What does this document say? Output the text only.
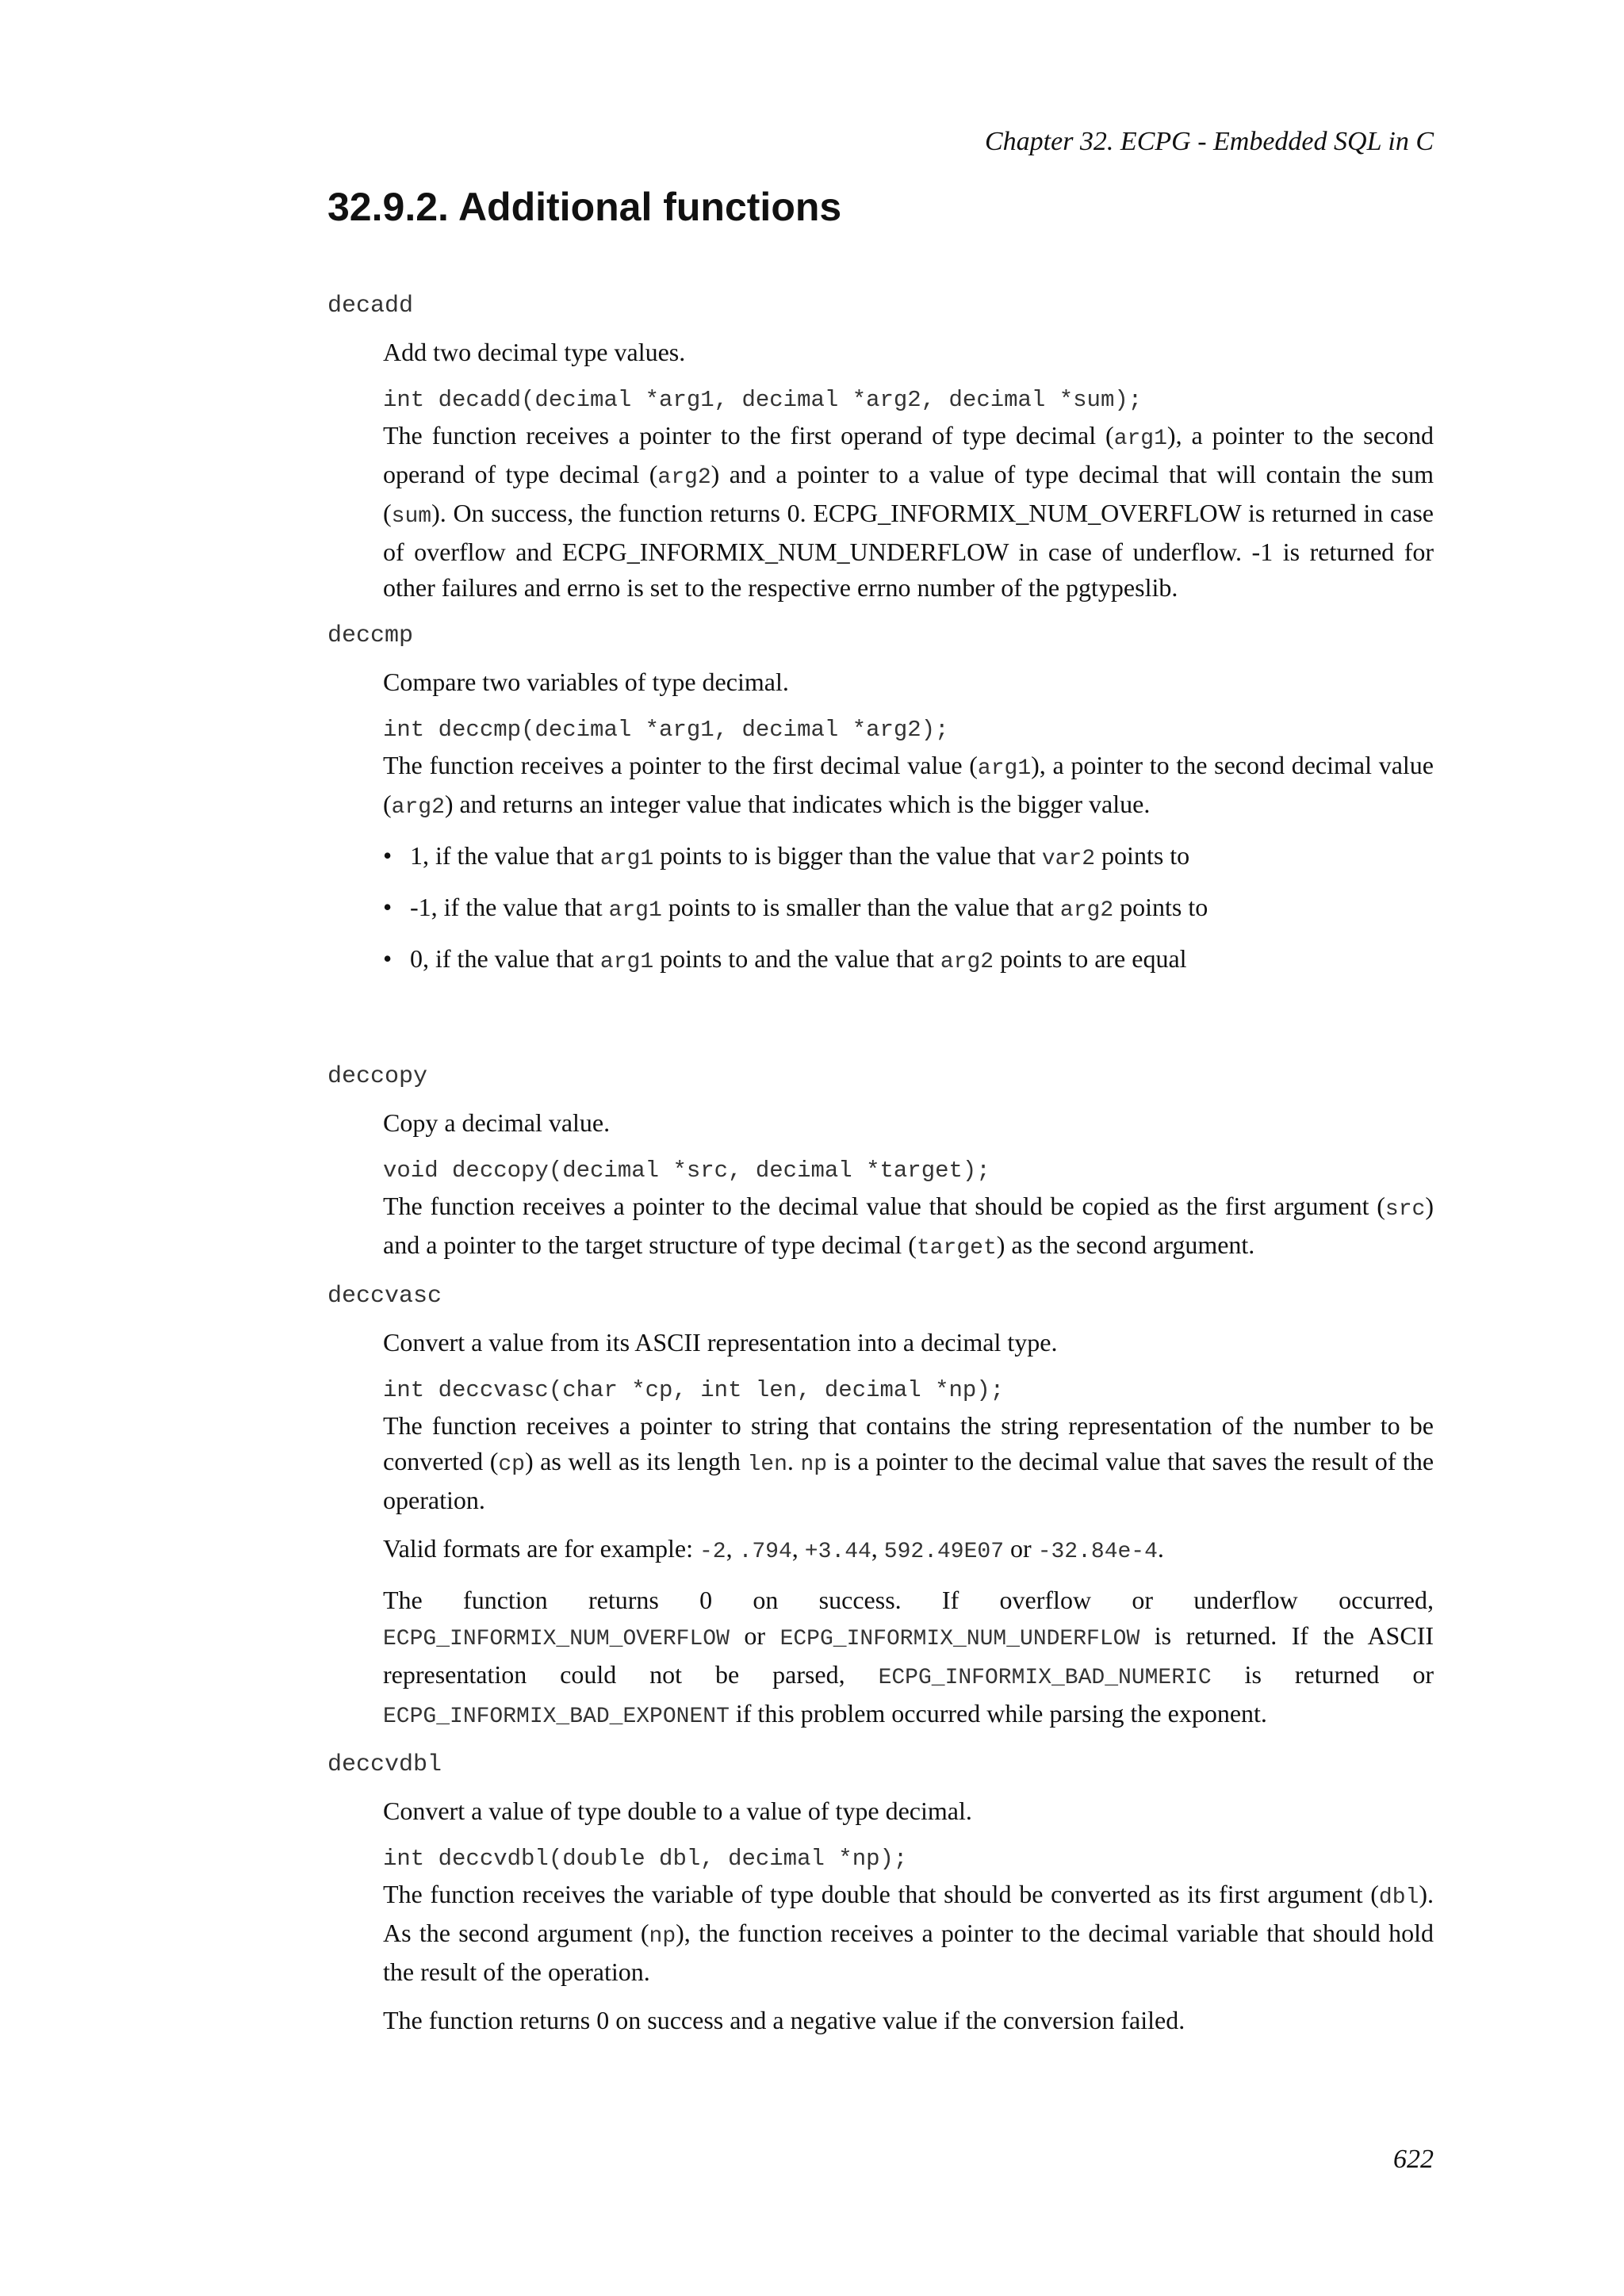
Chapter 32. ECPG - Embedded SQL in C
32.9.2. Additional functions
decadd

Add two decimal type values.

int decadd(decimal *arg1, decimal *arg2, decimal *sum);

The function receives a pointer to the first operand of type decimal (arg1), a pointer to the second operand of type decimal (arg2) and a pointer to a value of type decimal that will contain the sum (sum). On success, the function returns 0. ECPG_INFORMIX_NUM_OVERFLOW is returned in case of overflow and ECPG_INFORMIX_NUM_UNDERFLOW in case of underflow. -1 is returned for other failures and errno is set to the respective errno number of the pgtypeslib.

deccmp

Compare two variables of type decimal.

int deccmp(decimal *arg1, decimal *arg2);

The function receives a pointer to the first decimal value (arg1), a pointer to the second decimal value (arg2) and returns an integer value that indicates which is the bigger value.

• 1, if the value that arg1 points to is bigger than the value that var2 points to
• -1, if the value that arg1 points to is smaller than the value that arg2 points to
• 0, if the value that arg1 points to and the value that arg2 points to are equal
deccopy

Copy a decimal value.

void deccopy(decimal *src, decimal *target);

The function receives a pointer to the decimal value that should be copied as the first argument (src) and a pointer to the target structure of type decimal (target) as the second argument.

deccvasc

Convert a value from its ASCII representation into a decimal type.

int deccvasc(char *cp, int len, decimal *np);

The function receives a pointer to string that contains the string representation of the number to be converted (cp) as well as its length len. np is a pointer to the decimal value that saves the result of the operation.

Valid formats are for example: -2, .794, +3.44, 592.49E07 or -32.84e-4.

The function returns 0 on success. If overflow or underflow occurred, ECPG_INFORMIX_NUM_OVERFLOW or ECPG_INFORMIX_NUM_UNDERFLOW is returned. If the ASCII representation could not be parsed, ECPG_INFORMIX_BAD_NUMERIC is returned or ECPG_INFORMIX_BAD_EXPONENT if this problem occurred while parsing the exponent.

deccvdbl

Convert a value of type double to a value of type decimal.

int deccvdbl(double dbl, decimal *np);

The function receives the variable of type double that should be converted as its first argument (dbl). As the second argument (np), the function receives a pointer to the decimal variable that should hold the result of the operation.

The function returns 0 on success and a negative value if the conversion failed.

622
